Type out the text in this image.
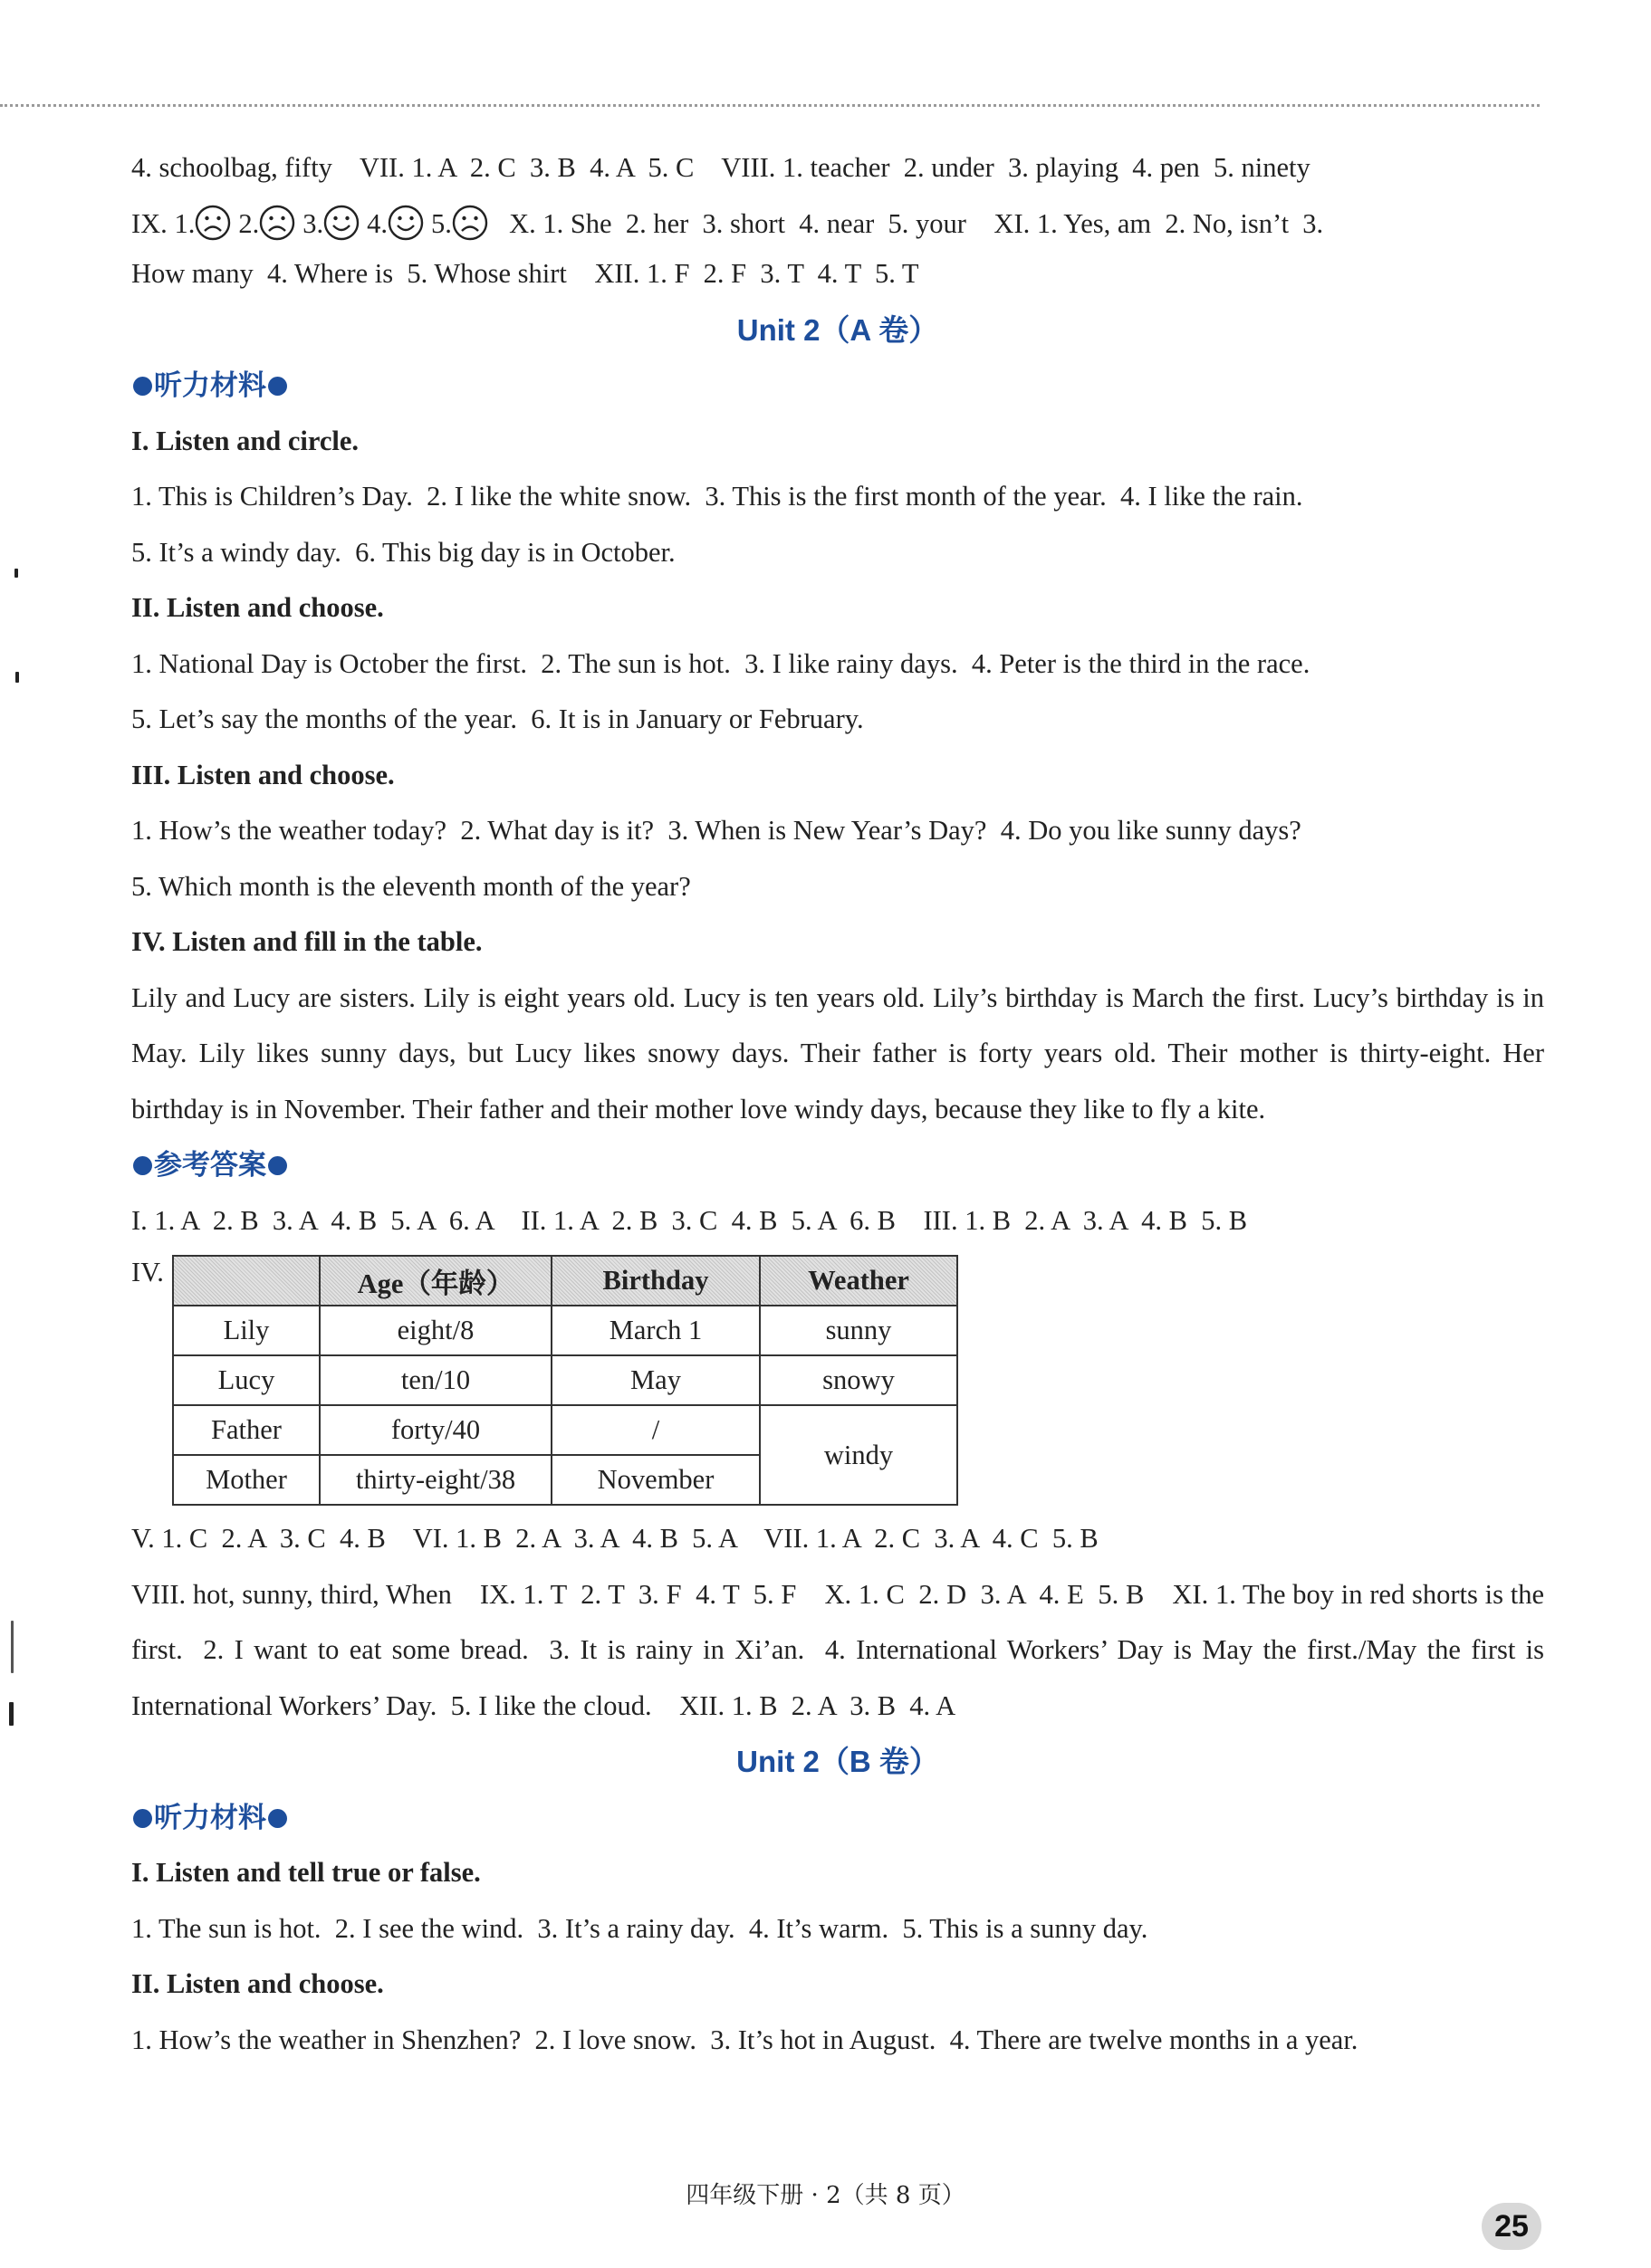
4. schoolbag, fifty    VII. 1. A  2. C  3. B  4. A  5. C    VIII. 1. teacher  2. under  3. playing  4. pen  5. ninety

IX. 1. 2. 3. 4. 5. X. 1. She  2. her  3. short  4. near  5. your    XI. 1. Yes, am  2. No, isn’t  3.

How many  4. Where is  5. Whose shirt    XII. 1. F  2. F  3. T  4. T  5. T

Unit 2（A 卷）

听力材料

I. Listen and circle.

1. This is Children’s Day.  2. I like the white snow.  3. This is the first month of the year.  4. I like the rain.

5. It’s a windy day.  6. This big day is in October.

II. Listen and choose.

1. National Day is October the first.  2. The sun is hot.  3. I like rainy days.  4. Peter is the third in the race.

5. Let’s say the months of the year.  6. It is in January or February.

III. Listen and choose.

1. How’s the weather today?  2. What day is it?  3. When is New Year’s Day?  4. Do you like sunny days?

5. Which month is the eleventh month of the year?

IV. Listen and fill in the table.

Lily and Lucy are sisters. Lily is eight years old. Lucy is ten years old. Lily’s birthday is March the first. Lucy’s birthday is in May. Lily likes sunny days, but Lucy likes snowy days. Their father is forty years old. Their mother is thirty-eight. Her birthday is in November. Their father and their mother love windy days, because they like to fly a kite.

参考答案

I. 1. A  2. B  3. A  4. B  5. A  6. A    II. 1. A  2. B  3. C  4. B  5. A  6. B    III. 1. B  2. A  3. A  4. B  5. B

IV.
		Age（年龄）	Birthday	Weather
Lily	eight/8	March 1	sunny
Lucy	ten/10	May	snowy
Father	forty/40	/	windy
Mother	thirty-eight/38	November	

V. 1. C  2. A  3. C  4. B    VI. 1. B  2. A  3. A  4. B  5. A    VII. 1. A  2. C  3. A  4. C  5. B

VIII. hot, sunny, third, When    IX. 1. T  2. T  3. F  4. T  5. F    X. 1. C  2. D  3. A  4. E  5. B    XI. 1. The boy in red shorts is the first.  2. I want to eat some bread.  3. It is rainy in Xi’an.  4. International Workers’ Day is May the first./May the first is International Workers’ Day.  5. I like the cloud.    XII. 1. B  2. A  3. B  4. A

Unit 2（B 卷）

听力材料

I. Listen and tell true or false.

1. The sun is hot.  2. I see the wind.  3. It’s a rainy day.  4. It’s warm.  5. This is a sunny day.

II. Listen and choose.

1. How’s the weather in Shenzhen?  2. I love snow.  3. It’s hot in August.  4. There are twelve months in a year.

四年级下册 · 2（共 8 页）
25
